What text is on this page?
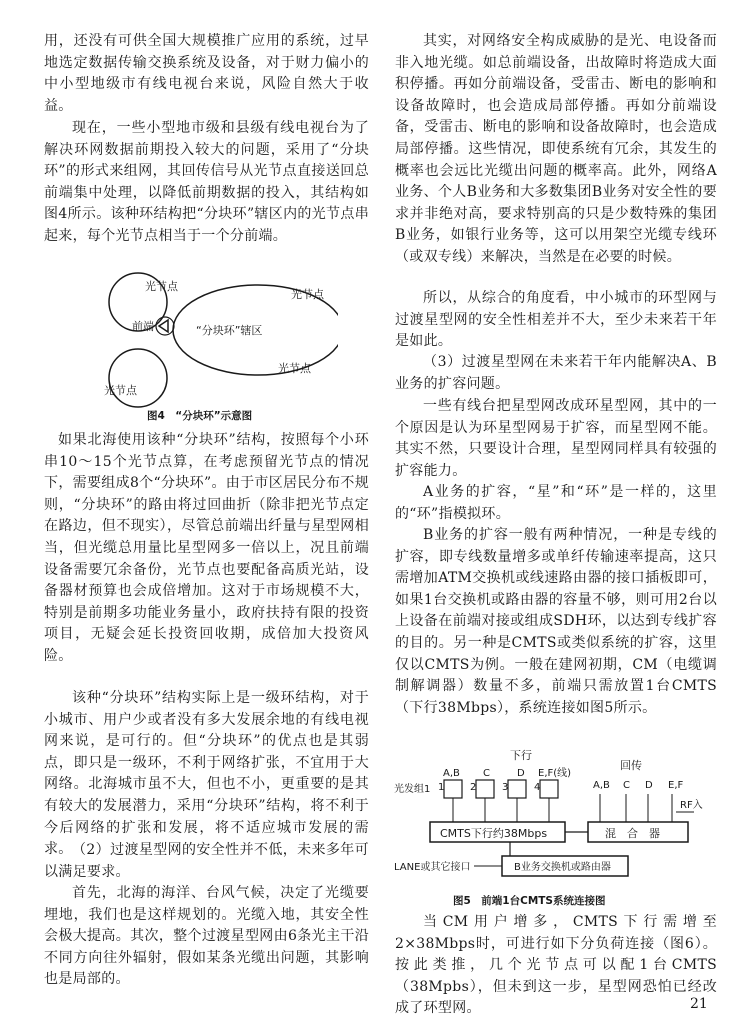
用，还没有可供全国大规模推广应用的系统，过早地选定数据传输交换系统及设备，对于财力偏小的中小型地级市有线电视台来说，风险自然大于收益。

现在，一些小型地市级和县级有线电视台为了解决环网数据前期投入较大的问题，采用了“分块环”的形式来组网，其回传信号从光节点直接送回总前端集中处理，以降低前期数据的投入，其结构如图4所示。该种环结构把“分块环”辖区内的光节点串起来，每个光节点相当于一个分前端。

光节点
光节点
光节点
光节点
前端	“分块环”辖区

图4　“分块环”示意图

如果北海使用该种“分块环”结构，按照每个小环串10～15个光节点算，在考虑预留光节点的情况下，需要组成8个“分块环”。由于市区居民分布不规则，“分块环”的路由将过回曲折（除非把光节点定在路边，但不现实），尽管总前端出纤量与星型网相当，但光缆总用量比星型网多一倍以上，况且前端设备需要冗余备份，光节点也要配备高质光站，设备器材预算也会成倍增加。这对于市场规模不大，特别是前期多功能业务量小，政府扶持有限的投资项目，无疑会延长投资回收期，成倍加大投资风险。

该种“分块环”结构实际上是一级环结构，对于小城市、用户少或者没有多大发展余地的有线电视网来说，是可行的。但“分块环”的优点也是其弱点，即只是一级环，不利于网络扩张，不宜用于大网络。北海城市虽不大，但也不小，更重要的是其有较大的发展潜力，采用“分块环”结构，将不利于今后网络的扩张和发展，将不适应城市发展的需求。 （2）过渡星型网的安全性并不低，未来多年可以满足要求。

首先，北海的海洋、台风气候，决定了光缆要埋地，我们也是这样规划的。光缆入地，其安全性会极大提高。其次，整个过渡星型网由6条光主干沿不同方向往外辐射，假如某条光缆出问题，其影响也是局部的。

其实，对网络安全构成威胁的是光、电设备而非入地光缆。如总前端设备，出故障时将造成大面积停播。再如分前端设备，受雷击、断电的影响和设备故障时，也会造成局部停播。再如分前端设备，受雷击、断电的影响和设备故障时，也会造成局部停播。这些情况，即使系统有冗余，其发生的概率也会远比光缆出问题的概率高。此外，网络A业务、个人B业务和大多数集团B业务对安全性的要求并非绝对高，要求特别高的只是少数特殊的集团B业务，如银行业务等，这可以用架空光缆专线环（或双专线）来解决，当然是在必要的时候。

所以，从综合的角度看，中小城市的环型网与过渡星型网的安全性相差并不大，至少未来若干年是如此。

（3）过渡星型网在未来若干年内能解决A、B业务的扩容问题。

一些有线台把星型网改成环星型网，其中的一个原因是认为环星型网易于扩容，而星型网不能。其实不然，只要设计合理，星型网同样具有较强的扩容能力。

A业务的扩容，“星”和“环”是一样的，这里的“环”指模拟环。

B业务的扩容一般有两种情况，一种是专线的扩容，即专线数量增多或单纤传输速率提高，这只需增加ATM交换机或线速路由器的接口插板即可，如果1台交换机或路由器的容量不够，则可用2台以上设备在前端对接或组成SDH环，以达到专线扩容的目的。另一种是CMTS或类似系统的扩容，这里仅以CMTS为例。一般在建网初期，CM（电缆调制解调器）数量不多，前端只需放置1台CMTS（下行38Mbps），系统连接如图5所示。

下行
回传
A,B C	D E,F(线)
A,B C D E,F
光发组1 1	2	3	4
RF入
CMTS下行约38Mbps	混　合　器
LANE或其它接口	B业务交换机或路由器

图5　前端1台CMTS系统连接图

当CM用户增多，CMTS下行需增至2×38Mbps时，可进行如下分负荷连接（图6）。按此类推，几个光节点可以配1台CMTS（38Mpbs），但未到这一步，星型网恐怕已经改成了环型网。	21
